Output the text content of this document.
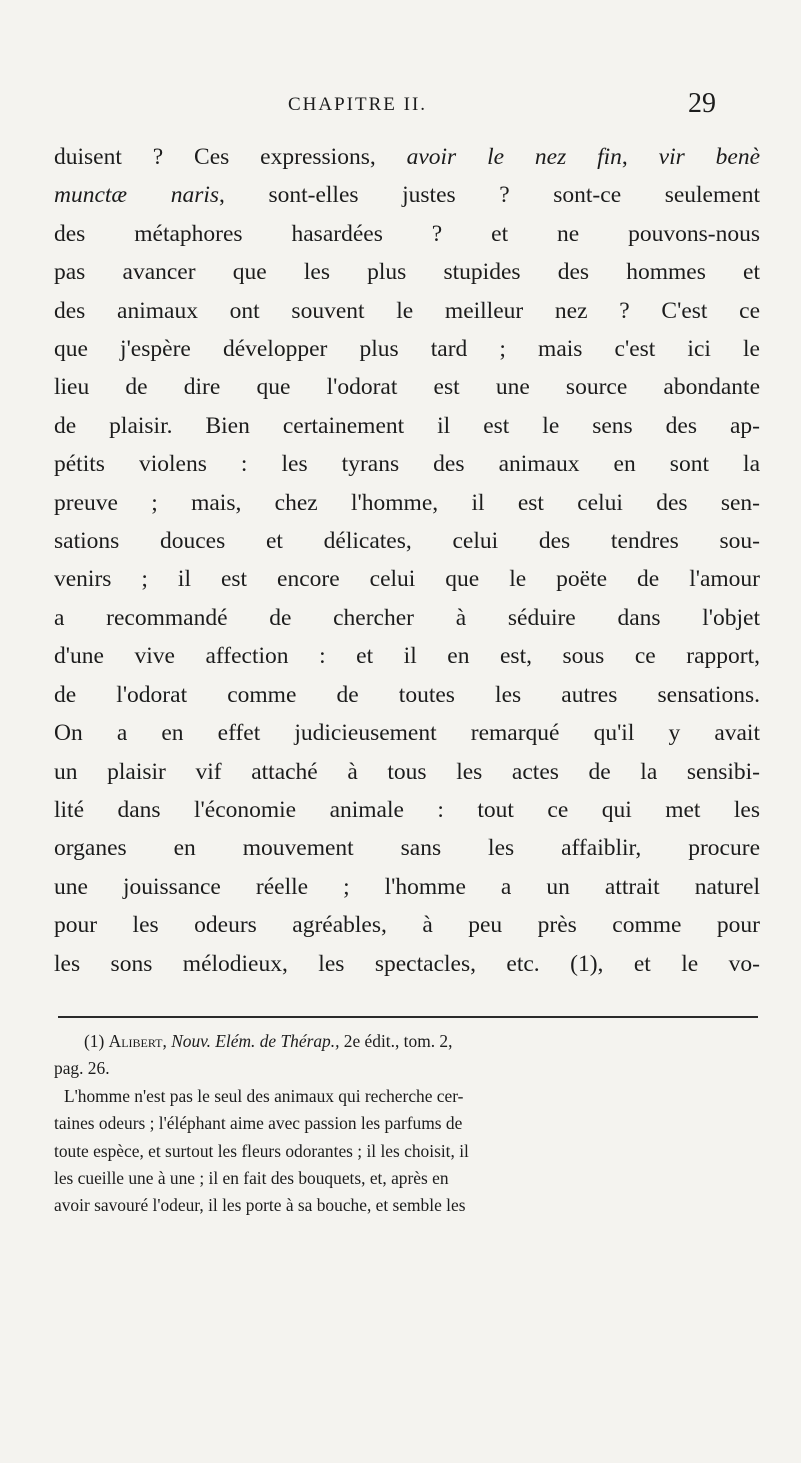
CHAPITRE II.	29
duisent ? Ces expressions, avoir le nez fin, vir benè
munctæ naris, sont-elles justes ? sont-ce seulement
des métaphores hasardées ? et ne pouvons-nous
pas avancer que les plus stupides des hommes et
des animaux ont souvent le meilleur nez ? C'est ce
que j'espère développer plus tard ; mais c'est ici le
lieu de dire que l'odorat est une source abondante
de plaisir. Bien certainement il est le sens des ap-
pétits violens : les tyrans des animaux en sont la
preuve ; mais, chez l'homme, il est celui des sen-
sations douces et délicates, celui des tendres sou-
venirs ; il est encore celui que le poëte de l'amour
a recommandé de chercher à séduire dans l'objet
d'une vive affection : et il en est, sous ce rapport,
de l'odorat comme de toutes les autres sensations.
On a en effet judicieusement remarqué qu'il y avait
un plaisir vif attaché à tous les actes de la sensibi-
lité dans l'économie animale : tout ce qui met les
organes en mouvement sans les affaiblir, procure
une jouissance réelle ; l'homme a un attrait naturel
pour les odeurs agréables, à peu près comme pour
les sons mélodieux, les spectacles, etc. (1), et le vo-
(1) Alibert, Nouv. Elém. de Thérap., 2e édit., tom. 2,
pag. 26.
L'homme n'est pas le seul des animaux qui recherche cer-
taines odeurs ; l'éléphant aime avec passion les parfums de
toute espèce, et surtout les fleurs odorantes ; il les choisit, il
les cueille une à une ; il en fait des bouquets, et, après en
avoir savouré l'odeur, il les porte à sa bouche, et semble les
